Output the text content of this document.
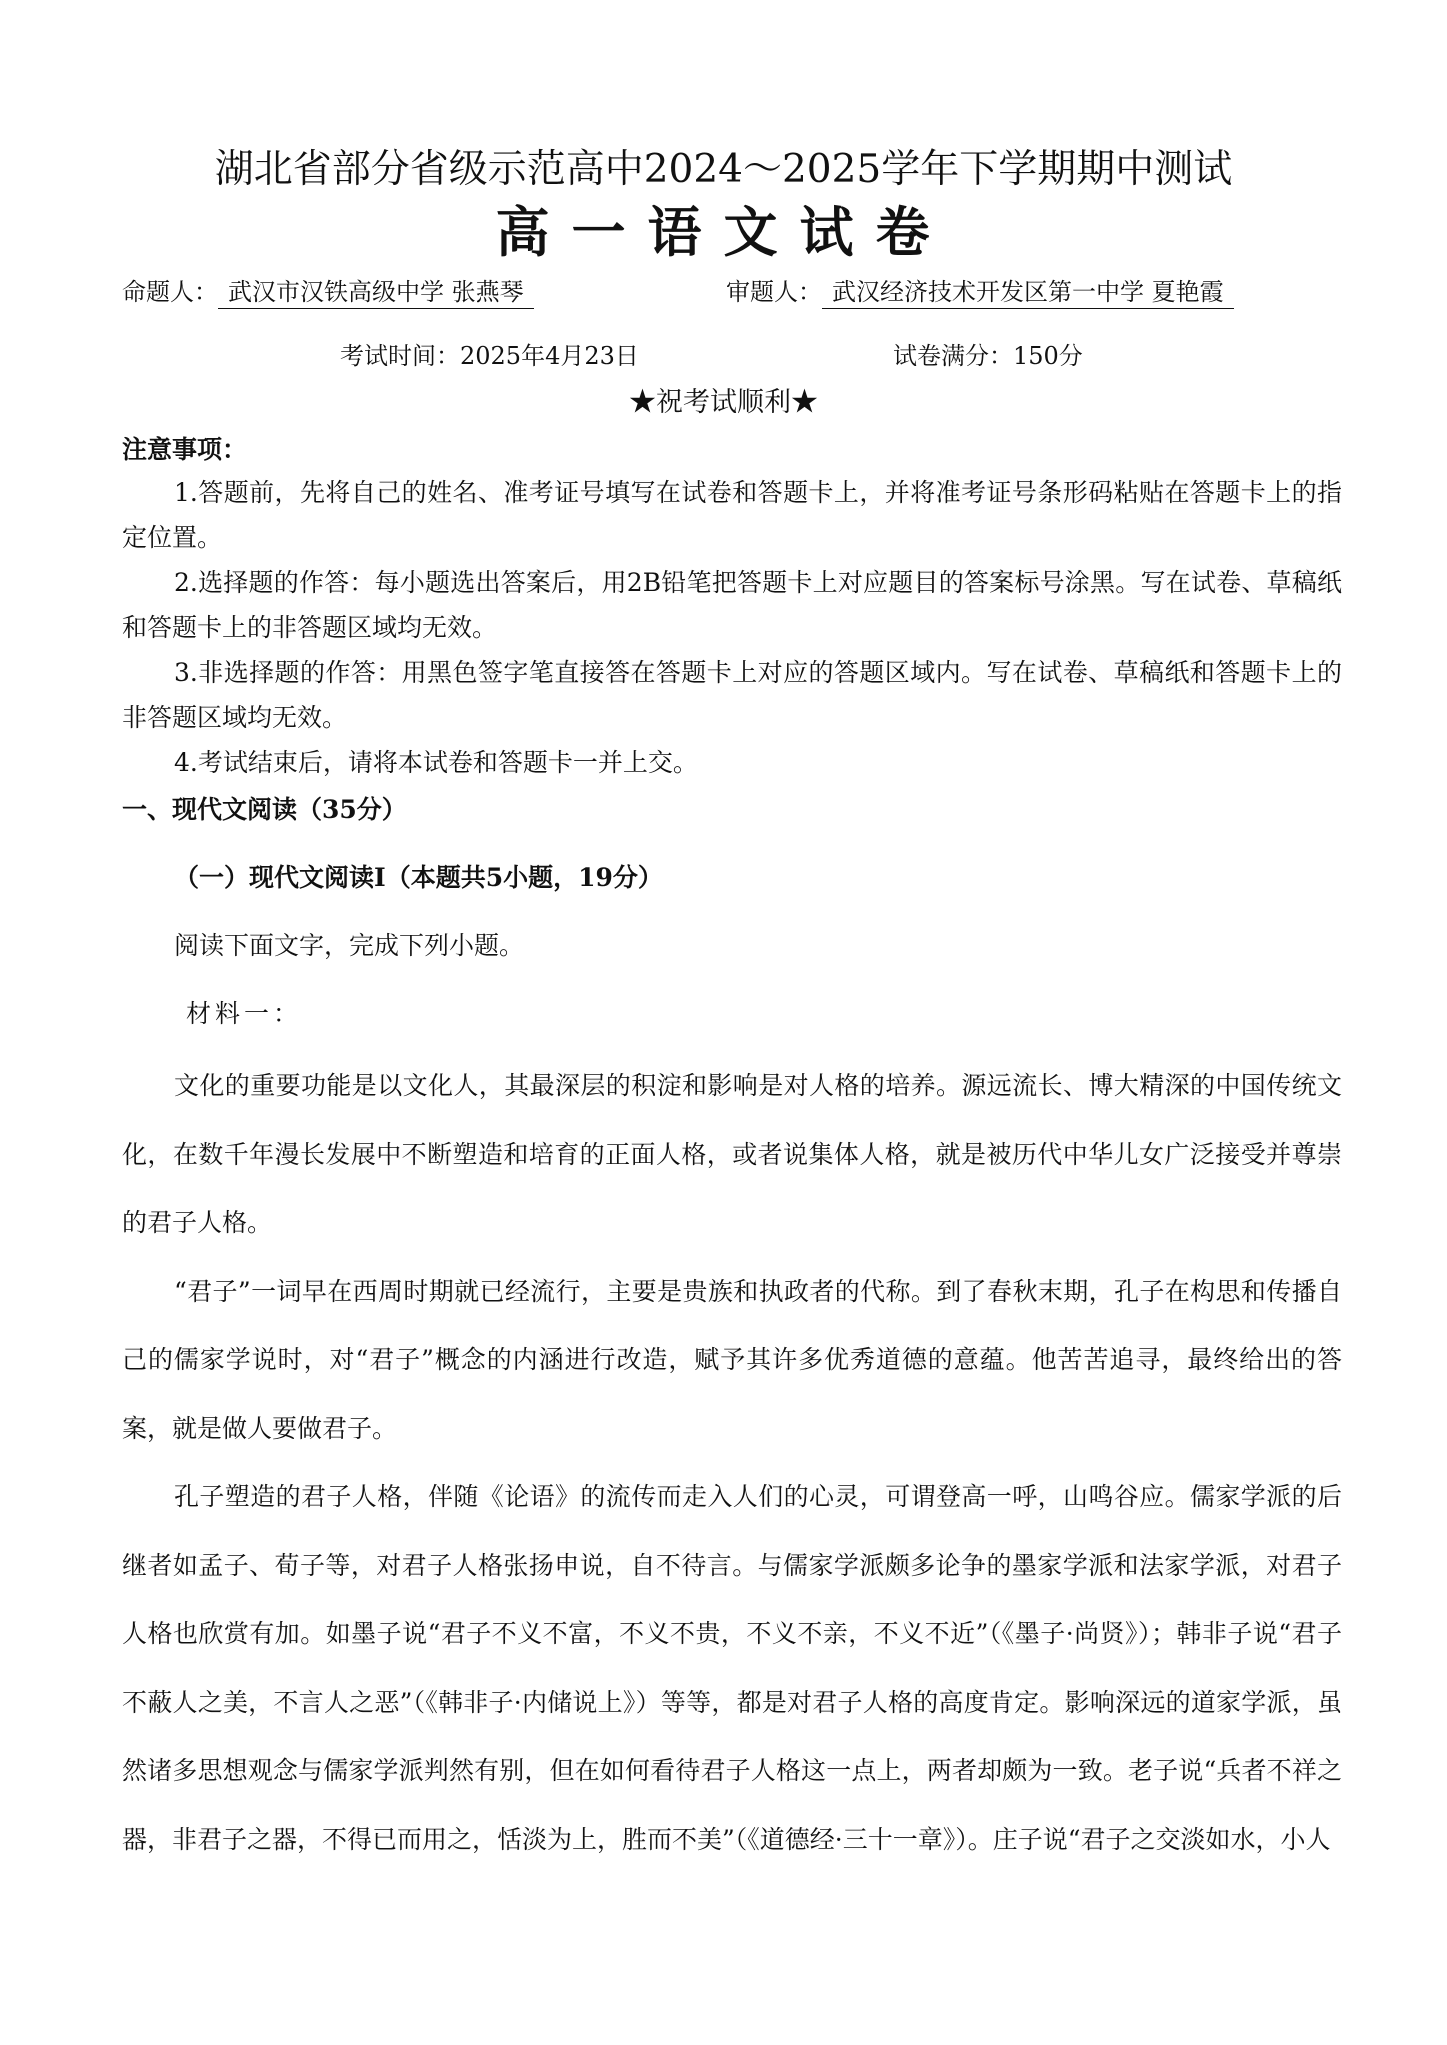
湖北省部分省级示范高中2024～2025学年下学期期中测试
高一语文试卷
命题人： 武汉市汉铁高级中学 张燕琴	审题人： 武汉经济技术开发区第一中学 夏艳霞
考试时间：2025年4月23日	试卷满分：150分
★祝考试顺利★
注意事项：

1.答题前，先将自己的姓名、准考证号填写在试卷和答题卡上，并将准考证号条形码粘贴在答题卡上的指定位置。

2.选择题的作答：每小题选出答案后，用2B铅笔把答题卡上对应题目的答案标号涂黑。写在试卷、草稿纸和答题卡上的非答题区域均无效。

3.非选择题的作答：用黑色签字笔直接答在答题卡上对应的答题区域内。写在试卷、草稿纸和答题卡上的非答题区域均无效。

4.考试结束后，请将本试卷和答题卡一并上交。

一、现代文阅读（35分）
（一）现代文阅读Ⅰ（本题共5小题，19分）
阅读下面文字，完成下列小题。
材料一：

文化的重要功能是以文化人，其最深层的积淀和影响是对人格的培养。源远流长、博大精深的中国传统文化，在数千年漫长发展中不断塑造和培育的正面人格，或者说集体人格，就是被历代中华儿女广泛接受并尊崇的君子人格。

“君子”一词早在西周时期就已经流行，主要是贵族和执政者的代称。到了春秋末期，孔子在构思和传播自己的儒家学说时，对“君子”概念的内涵进行改造，赋予其许多优秀道德的意蕴。他苦苦追寻，最终给出的答案，就是做人要做君子。

孔子塑造的君子人格，伴随《论语》的流传而走入人们的心灵，可谓登高一呼，山鸣谷应。儒家学派的后继者如孟子、荀子等，对君子人格张扬申说，自不待言。与儒家学派颇多论争的墨家学派和法家学派，对君子人格也欣赏有加。如墨子说“君子不义不富，不义不贵，不义不亲，不义不近”（《墨子·尚贤》）；韩非子说“君子不蔽人之美，不言人之恶”（《韩非子·内储说上》）等等，都是对君子人格的高度肯定。影响深远的道家学派，虽然诸多思想观念与儒家学派判然有别，但在如何看待君子人格这一点上，两者却颇为一致。老子说“兵者不祥之器，非君子之器，不得已而用之，恬淡为上，胜而不美”（《道德经·三十一章》）。庄子说“君子之交淡如水，小人
